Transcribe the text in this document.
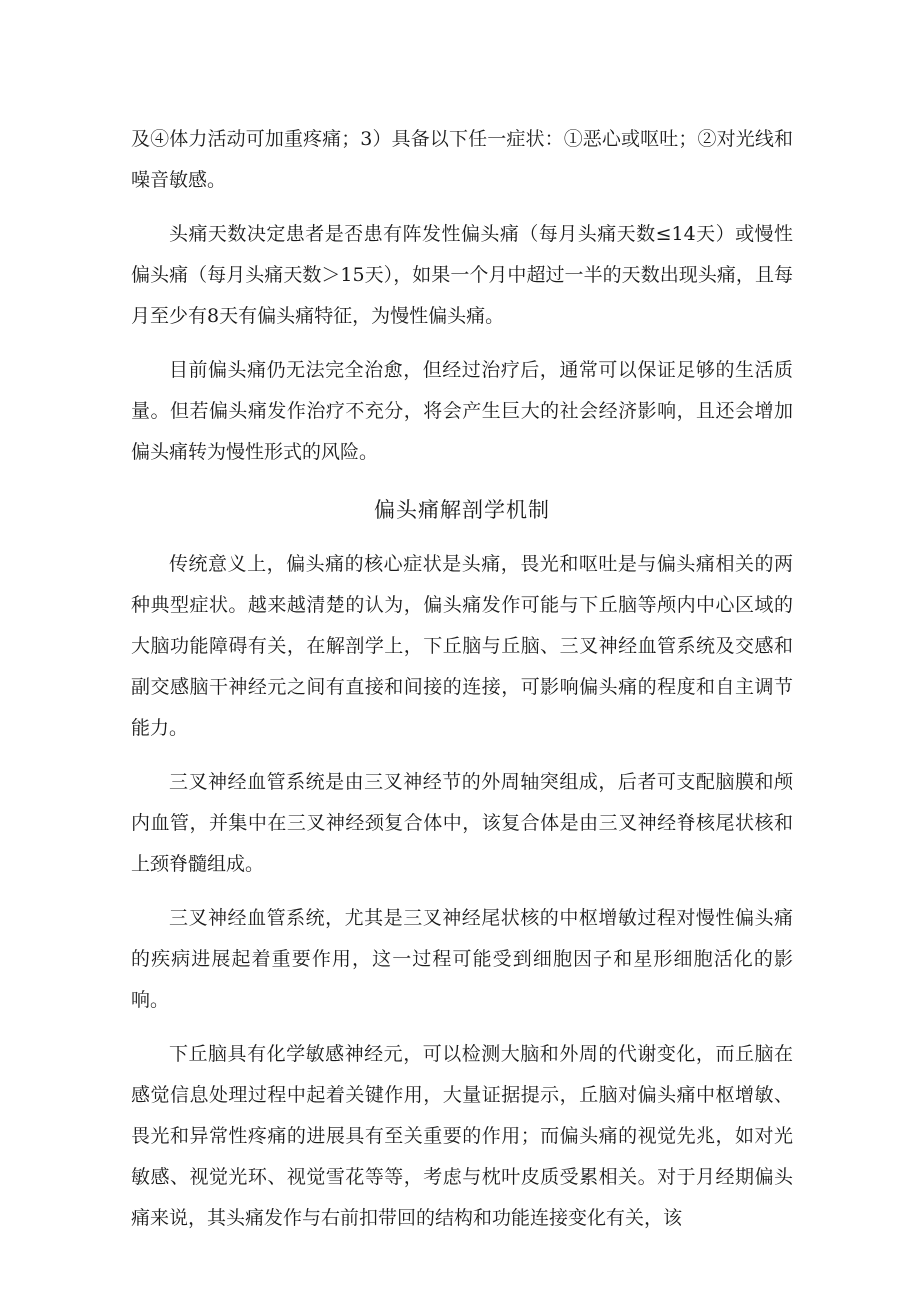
及④体力活动可加重疼痛；3）具备以下任一症状：①恶心或呕吐；②对光线和噪音敏感。

头痛天数决定患者是否患有阵发性偏头痛（每月头痛天数≤14天）或慢性偏头痛（每月头痛天数＞15天），如果一个月中超过一半的天数出现头痛，且每月至少有8天有偏头痛特征，为慢性偏头痛。

目前偏头痛仍无法完全治愈，但经过治疗后，通常可以保证足够的生活质量。但若偏头痛发作治疗不充分，将会产生巨大的社会经济影响，且还会增加偏头痛转为慢性形式的风险。

偏头痛解剖学机制

传统意义上，偏头痛的核心症状是头痛，畏光和呕吐是与偏头痛相关的两种典型症状。越来越清楚的认为，偏头痛发作可能与下丘脑等颅内中心区域的大脑功能障碍有关，在解剖学上，下丘脑与丘脑、三叉神经血管系统及交感和副交感脑干神经元之间有直接和间接的连接，可影响偏头痛的程度和自主调节能力。

三叉神经血管系统是由三叉神经节的外周轴突组成，后者可支配脑膜和颅内血管，并集中在三叉神经颈复合体中，该复合体是由三叉神经脊核尾状核和上颈脊髓组成。

三叉神经血管系统，尤其是三叉神经尾状核的中枢增敏过程对慢性偏头痛的疾病进展起着重要作用，这一过程可能受到细胞因子和星形细胞活化的影响。

下丘脑具有化学敏感神经元，可以检测大脑和外周的代谢变化，而丘脑在感觉信息处理过程中起着关键作用，大量证据提示，丘脑对偏头痛中枢增敏、畏光和异常性疼痛的进展具有至关重要的作用；而偏头痛的视觉先兆，如对光敏感、视觉光环、视觉雪花等等，考虑与枕叶皮质受累相关。对于月经期偏头痛来说，其头痛发作与右前扣带回的结构和功能连接变化有关，该
